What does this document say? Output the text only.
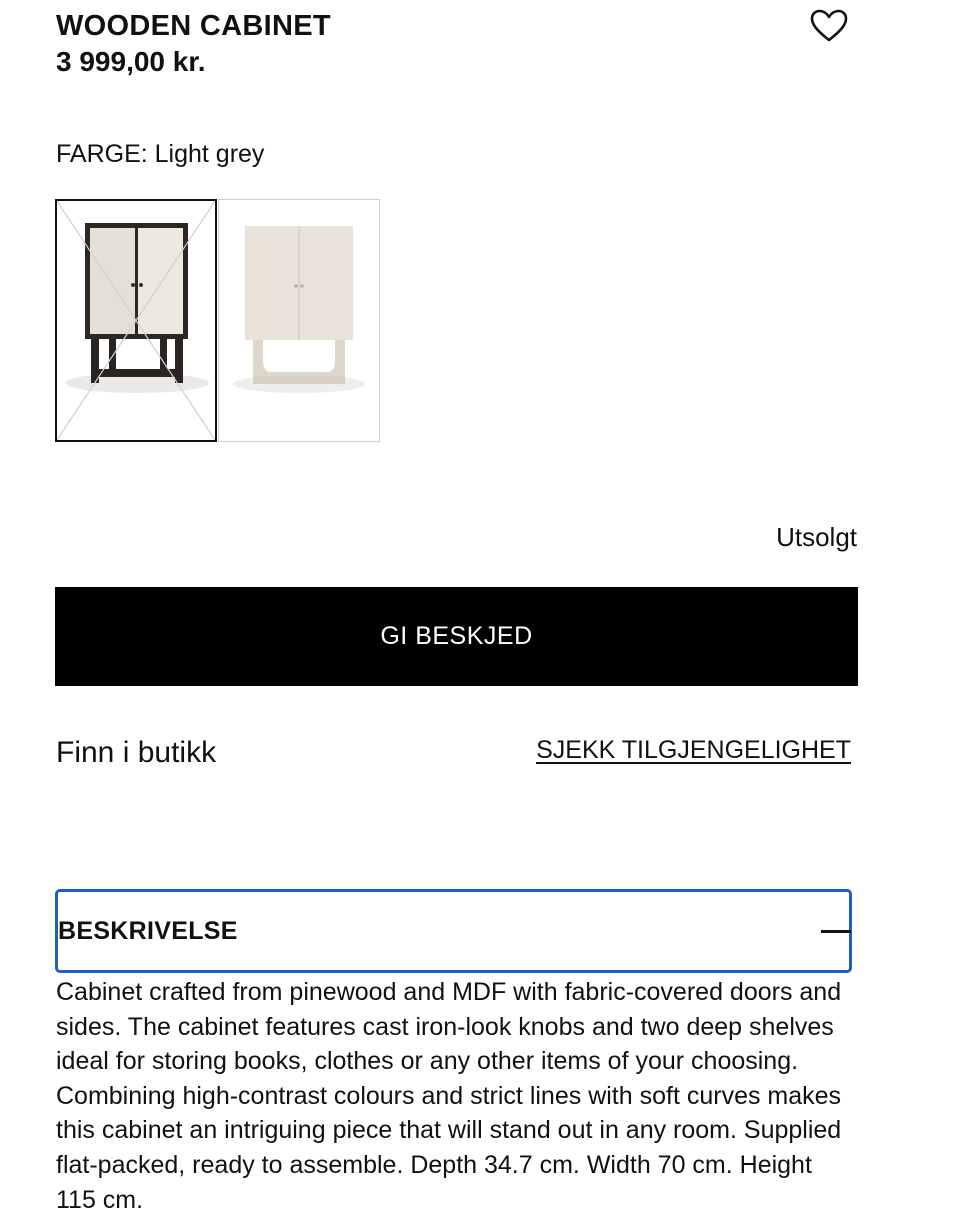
WOODEN CABINET
3 999,00 kr.
FARGE: Light grey
Utsolgt
GI BESKJED
Finn i butikk	SJEKK TILGJENGELIGHET
BESKRIVELSE

Cabinet crafted from pinewood and MDF with fabric-covered doors and sides. The cabinet features cast iron-look knobs and two deep shelves ideal for storing books, clothes or any other items of your choosing. Combining high-contrast colours and strict lines with soft curves makes this cabinet an intriguing piece that will stand out in any room. Supplied flat-packed, ready to assemble. Depth 34.7 cm. Width 70 cm. Height 115 cm.
